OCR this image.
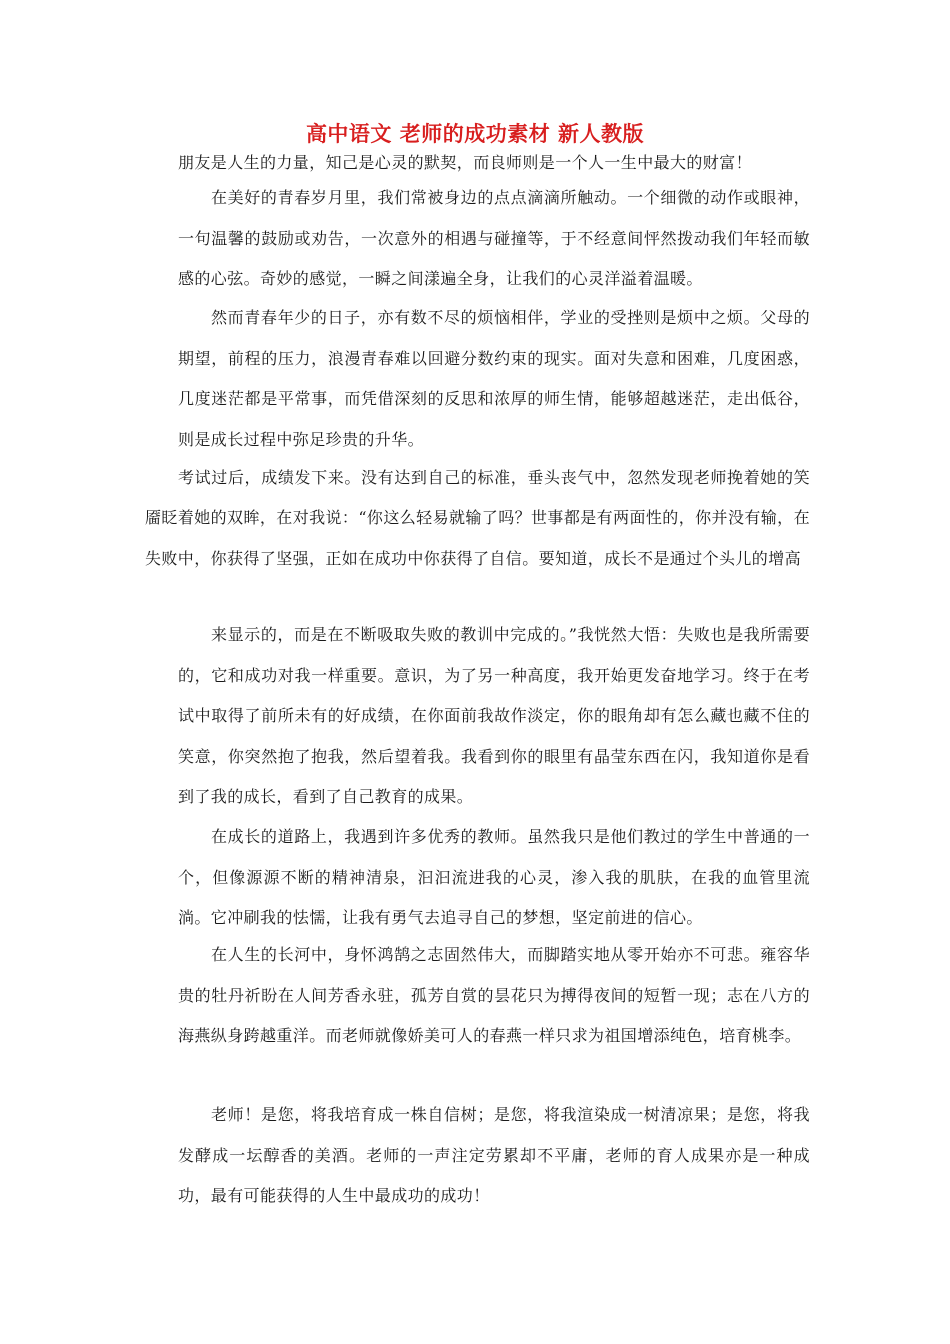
高中语文 老师的成功素材 新人教版
朋友是人生的力量，知己是心灵的默契，而良师则是一个人一生中最大的财富！
在美好的青春岁月里，我们常被身边的点点滴滴所触动。一个细微的动作或眼神，一句温馨的鼓励或劝告，一次意外的相遇与碰撞等，于不经意间怦然拨动我们年轻而敏感的心弦。奇妙的感觉，一瞬之间漾遍全身，让我们的心灵洋溢着温暖。
然而青春年少的日子，亦有数不尽的烦恼相伴，学业的受挫则是烦中之烦。父母的期望，前程的压力，浪漫青春难以回避分数约束的现实。面对失意和困难，几度困惑，几度迷茫都是平常事，而凭借深刻的反思和浓厚的师生情，能够超越迷茫，走出低谷，则是成长过程中弥足珍贵的升华。
考试过后，成绩发下来。没有达到自己的标准，垂头丧气中，忽然发现老师挽着她的笑靥眨着她的双眸，在对我说：“你这么轻易就输了吗？世事都是有两面性的，你并没有输，在失败中，你获得了坚强，正如在成功中你获得了自信。要知道，成长不是通过个头儿的增高
来显示的，而是在不断吸取失败的教训中完成的。”我恍然大悟：失败也是我所需要的，它和成功对我一样重要。意识，为了另一种高度，我开始更发奋地学习。终于在考试中取得了前所未有的好成绩，在你面前我故作淡定，你的眼角却有怎么藏也藏不住的笑意，你突然抱了抱我，然后望着我。我看到你的眼里有晶莹东西在闪，我知道你是看到了我的成长，看到了自己教育的成果。
在成长的道路上，我遇到许多优秀的教师。虽然我只是他们教过的学生中普通的一个，但像源源不断的精神清泉，汩汩流进我的心灵，渗入我的肌肤，在我的血管里流淌。它冲刷我的怯懦，让我有勇气去追寻自己的梦想，坚定前进的信心。
在人生的长河中，身怀鸿鹄之志固然伟大，而脚踏实地从零开始亦不可悲。雍容华贵的牡丹祈盼在人间芳香永驻，孤芳自赏的昙花只为搏得夜间的短暂一现；志在八方的海燕纵身跨越重洋。而老师就像娇美可人的春燕一样只求为祖国增添纯色，培育桃李。
老师！是您，将我培育成一株自信树；是您，将我渲染成一树清凉果；是您，将我发酵成一坛醇香的美酒。老师的一声注定劳累却不平庸，老师的育人成果亦是一种成功，最有可能获得的人生中最成功的成功！
